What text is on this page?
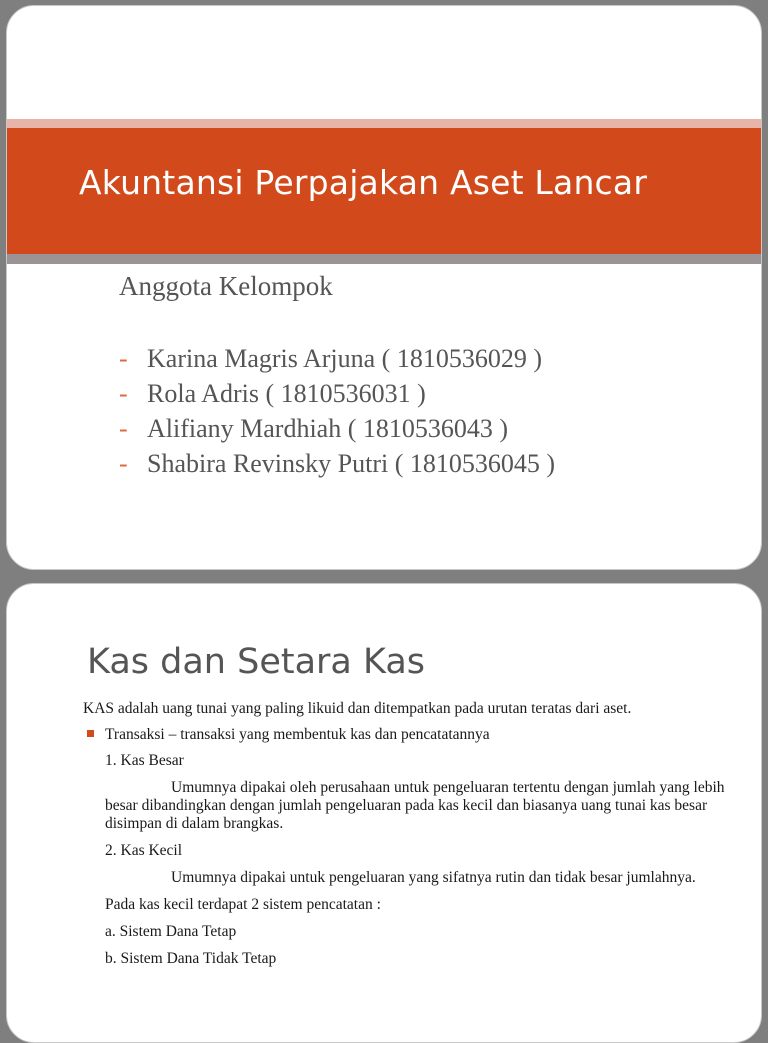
Akuntansi Perpajakan Aset Lancar
Anggota Kelompok
- Karina Magris Arjuna ( 1810536029 )
- Rola Adris ( 1810536031 )
- Alifiany Mardhiah ( 1810536043 )
- Shabira Revinsky Putri ( 1810536045 )
Kas dan Setara Kas

KAS adalah uang tunai yang paling likuid dan ditempatkan pada urutan teratas dari aset.

Transaksi – transaksi yang membentuk kas dan pencatatannya

1. Kas Besar

Umumnya dipakai oleh perusahaan untuk pengeluaran tertentu dengan jumlah yang lebih besar dibandingkan dengan jumlah pengeluaran pada kas kecil dan biasanya uang tunai kas besar disimpan di dalam brangkas.

2. Kas Kecil

Umumnya dipakai untuk pengeluaran yang sifatnya rutin dan tidak besar jumlahnya.

Pada kas kecil terdapat 2 sistem pencatatan :

a. Sistem Dana Tetap

b. Sistem Dana Tidak Tetap
